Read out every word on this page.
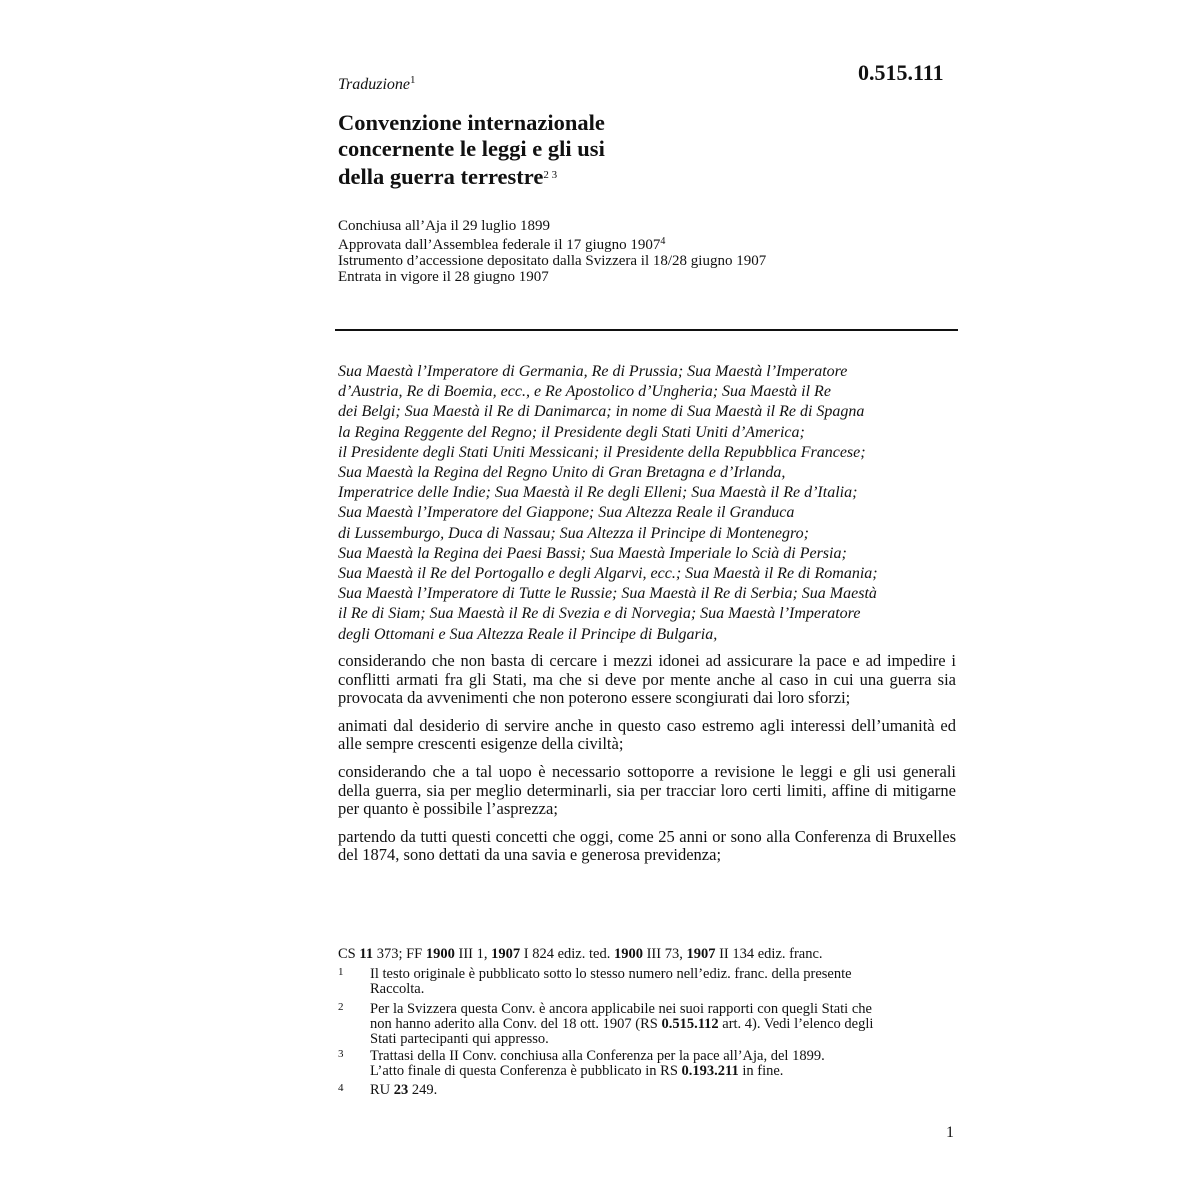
0.515.111
Traduzione$^1$
Convenzione internazionale
concernente le leggi e gli usi
della guerra terrestre$^{2 3}$
Conchiusa all’Aja il 29 luglio 1899
Approvata dall’Assemblea federale il 17 giugno 1907$^4$
Istrumento d’accessione depositato dalla Svizzera il 18/28 giugno 1907
Entrata in vigore il 28 giugno 1907
Sua Maestà l’Imperatore di Germania, Re di Prussia; Sua Maestà l’Imperatore
d’Austria, Re di Boemia, ecc., e Re Apostolico d’Ungheria; Sua Maestà il Re
dei Belgi; Sua Maestà il Re di Danimarca; in nome di Sua Maestà il Re di Spagna
la Regina Reggente del Regno; il Presidente degli Stati Uniti d’America;
il Presidente degli Stati Uniti Messicani; il Presidente della Repubblica Francese;
Sua Maestà la Regina del Regno Unito di Gran Bretagna e d’Irlanda,
Imperatrice delle Indie; Sua Maestà il Re degli Elleni; Sua Maestà il Re d’Italia;
Sua Maestà l’Imperatore del Giappone; Sua Altezza Reale il Granduca
di Lussemburgo, Duca di Nassau; Sua Altezza il Principe di Montenegro;
Sua Maestà la Regina dei Paesi Bassi; Sua Maestà Imperiale lo Scià di Persia;
Sua Maestà il Re del Portogallo e degli Algarvi, ecc.; Sua Maestà il Re di Romania;
Sua Maestà l’Imperatore di Tutte le Russie; Sua Maestà il Re di Serbia; Sua Maestà
il Re di Siam; Sua Maestà il Re di Svezia e di Norvegia; Sua Maestà l’Imperatore
degli Ottomani e Sua Altezza Reale il Principe di Bulgaria,

considerando che non basta di cercare i mezzi idonei ad assicurare la pace e ad impedire i conflitti armati fra gli Stati, ma che si deve por mente anche al caso in cui una guerra sia provocata da avvenimenti che non poterono essere scongiurati dai loro sforzi;

animati dal desiderio di servire anche in questo caso estremo agli interessi dell’umanità ed alle sempre crescenti esigenze della civiltà;

considerando che a tal uopo è necessario sottoporre a revisione le leggi e gli usi generali della guerra, sia per meglio determinarli, sia per tracciar loro certi limiti, affine di mitigarne per quanto è possibile l’asprezza;

partendo da tutti questi concetti che oggi, come 25 anni or sono alla Conferenza di Bruxelles del 1874, sono dettati da una savia e generosa previdenza;

CS 11 373; FF 1900 III 1, 1907 I 824 ediz. ted. 1900 III 73, 1907 II 134 ediz. franc.
1 Il testo originale è pubblicato sotto lo stesso numero nell’ediz. franc. della presente
Raccolta.
2 Per la Svizzera questa Conv. è ancora applicabile nei suoi rapporti con quegli Stati che
non hanno aderito alla Conv. del 18 ott. 1907 (RS 0.515.112 art. 4). Vedi l’elenco degli
Stati partecipanti qui appresso.
3 Trattasi della II Conv. conchiusa alla Conferenza per la pace all’Aja, del 1899.
L’atto finale di questa Conferenza è pubblicato in RS 0.193.211 in fine.
4 RU 23 249.
1
